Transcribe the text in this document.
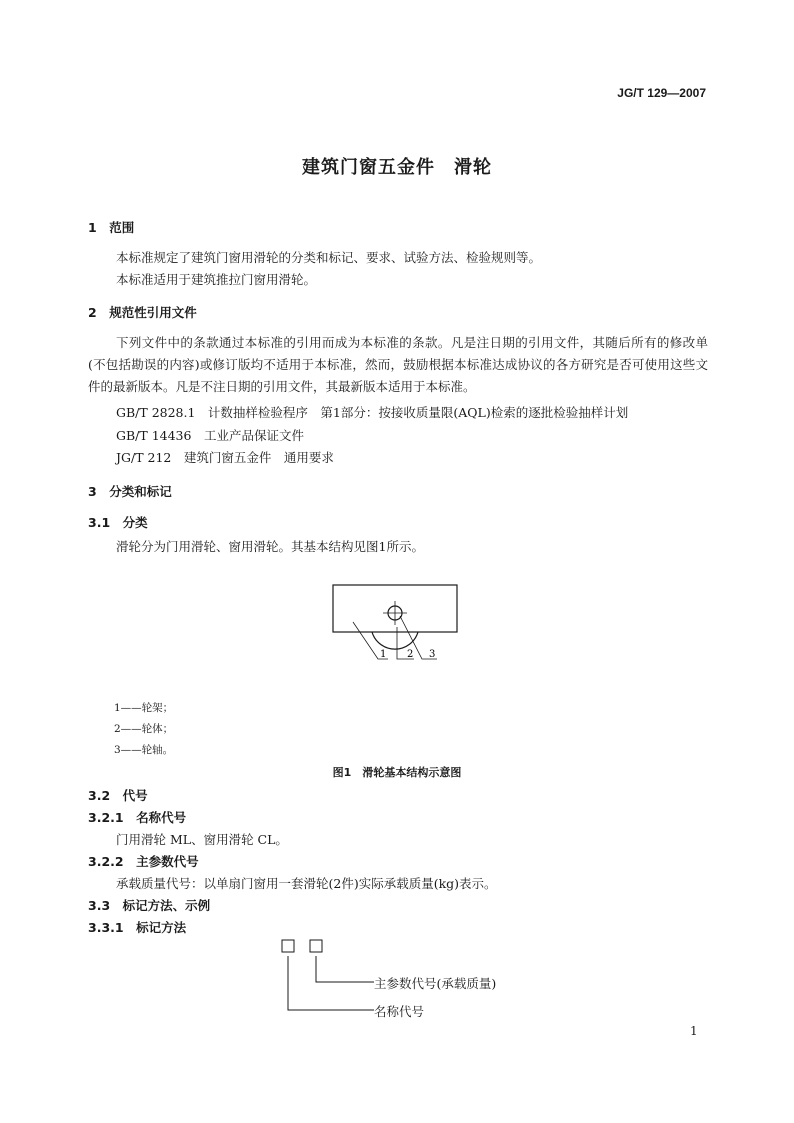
JG/T 129—2007
建筑门窗五金件　滑轮
1　范围
本标准规定了建筑门窗用滑轮的分类和标记、要求、试验方法、检验规则等。
本标准适用于建筑推拉门窗用滑轮。
2　规范性引用文件
下列文件中的条款通过本标准的引用而成为本标准的条款。凡是注日期的引用文件，其随后所有的修改单(不包括勘误的内容)或修订版均不适用于本标准，然而，鼓励根据本标准达成协议的各方研究是否可使用这些文件的最新版本。凡是不注日期的引用文件，其最新版本适用于本标准。
GB/T 2828.1　计数抽样检验程序　第1部分：按接收质量限(AQL)检索的逐批检验抽样计划
GB/T 14436　工业产品保证文件
JG/T 212　建筑门窗五金件　通用要求
3　分类和标记
3.1　分类
滑轮分为门用滑轮、窗用滑轮。其基本结构见图1所示。
1 2 3
1——轮架；
2——轮体；
3——轮轴。
图1　滑轮基本结构示意图
3.2　代号
3.2.1　名称代号
门用滑轮 ML、窗用滑轮 CL。
3.2.2　主参数代号
承载质量代号：以单扇门窗用一套滑轮(2件)实际承载质量(kg)表示。
3.3　标记方法、示例
3.3.1　标记方法
主参数代号(承载质量)
名称代号
1
